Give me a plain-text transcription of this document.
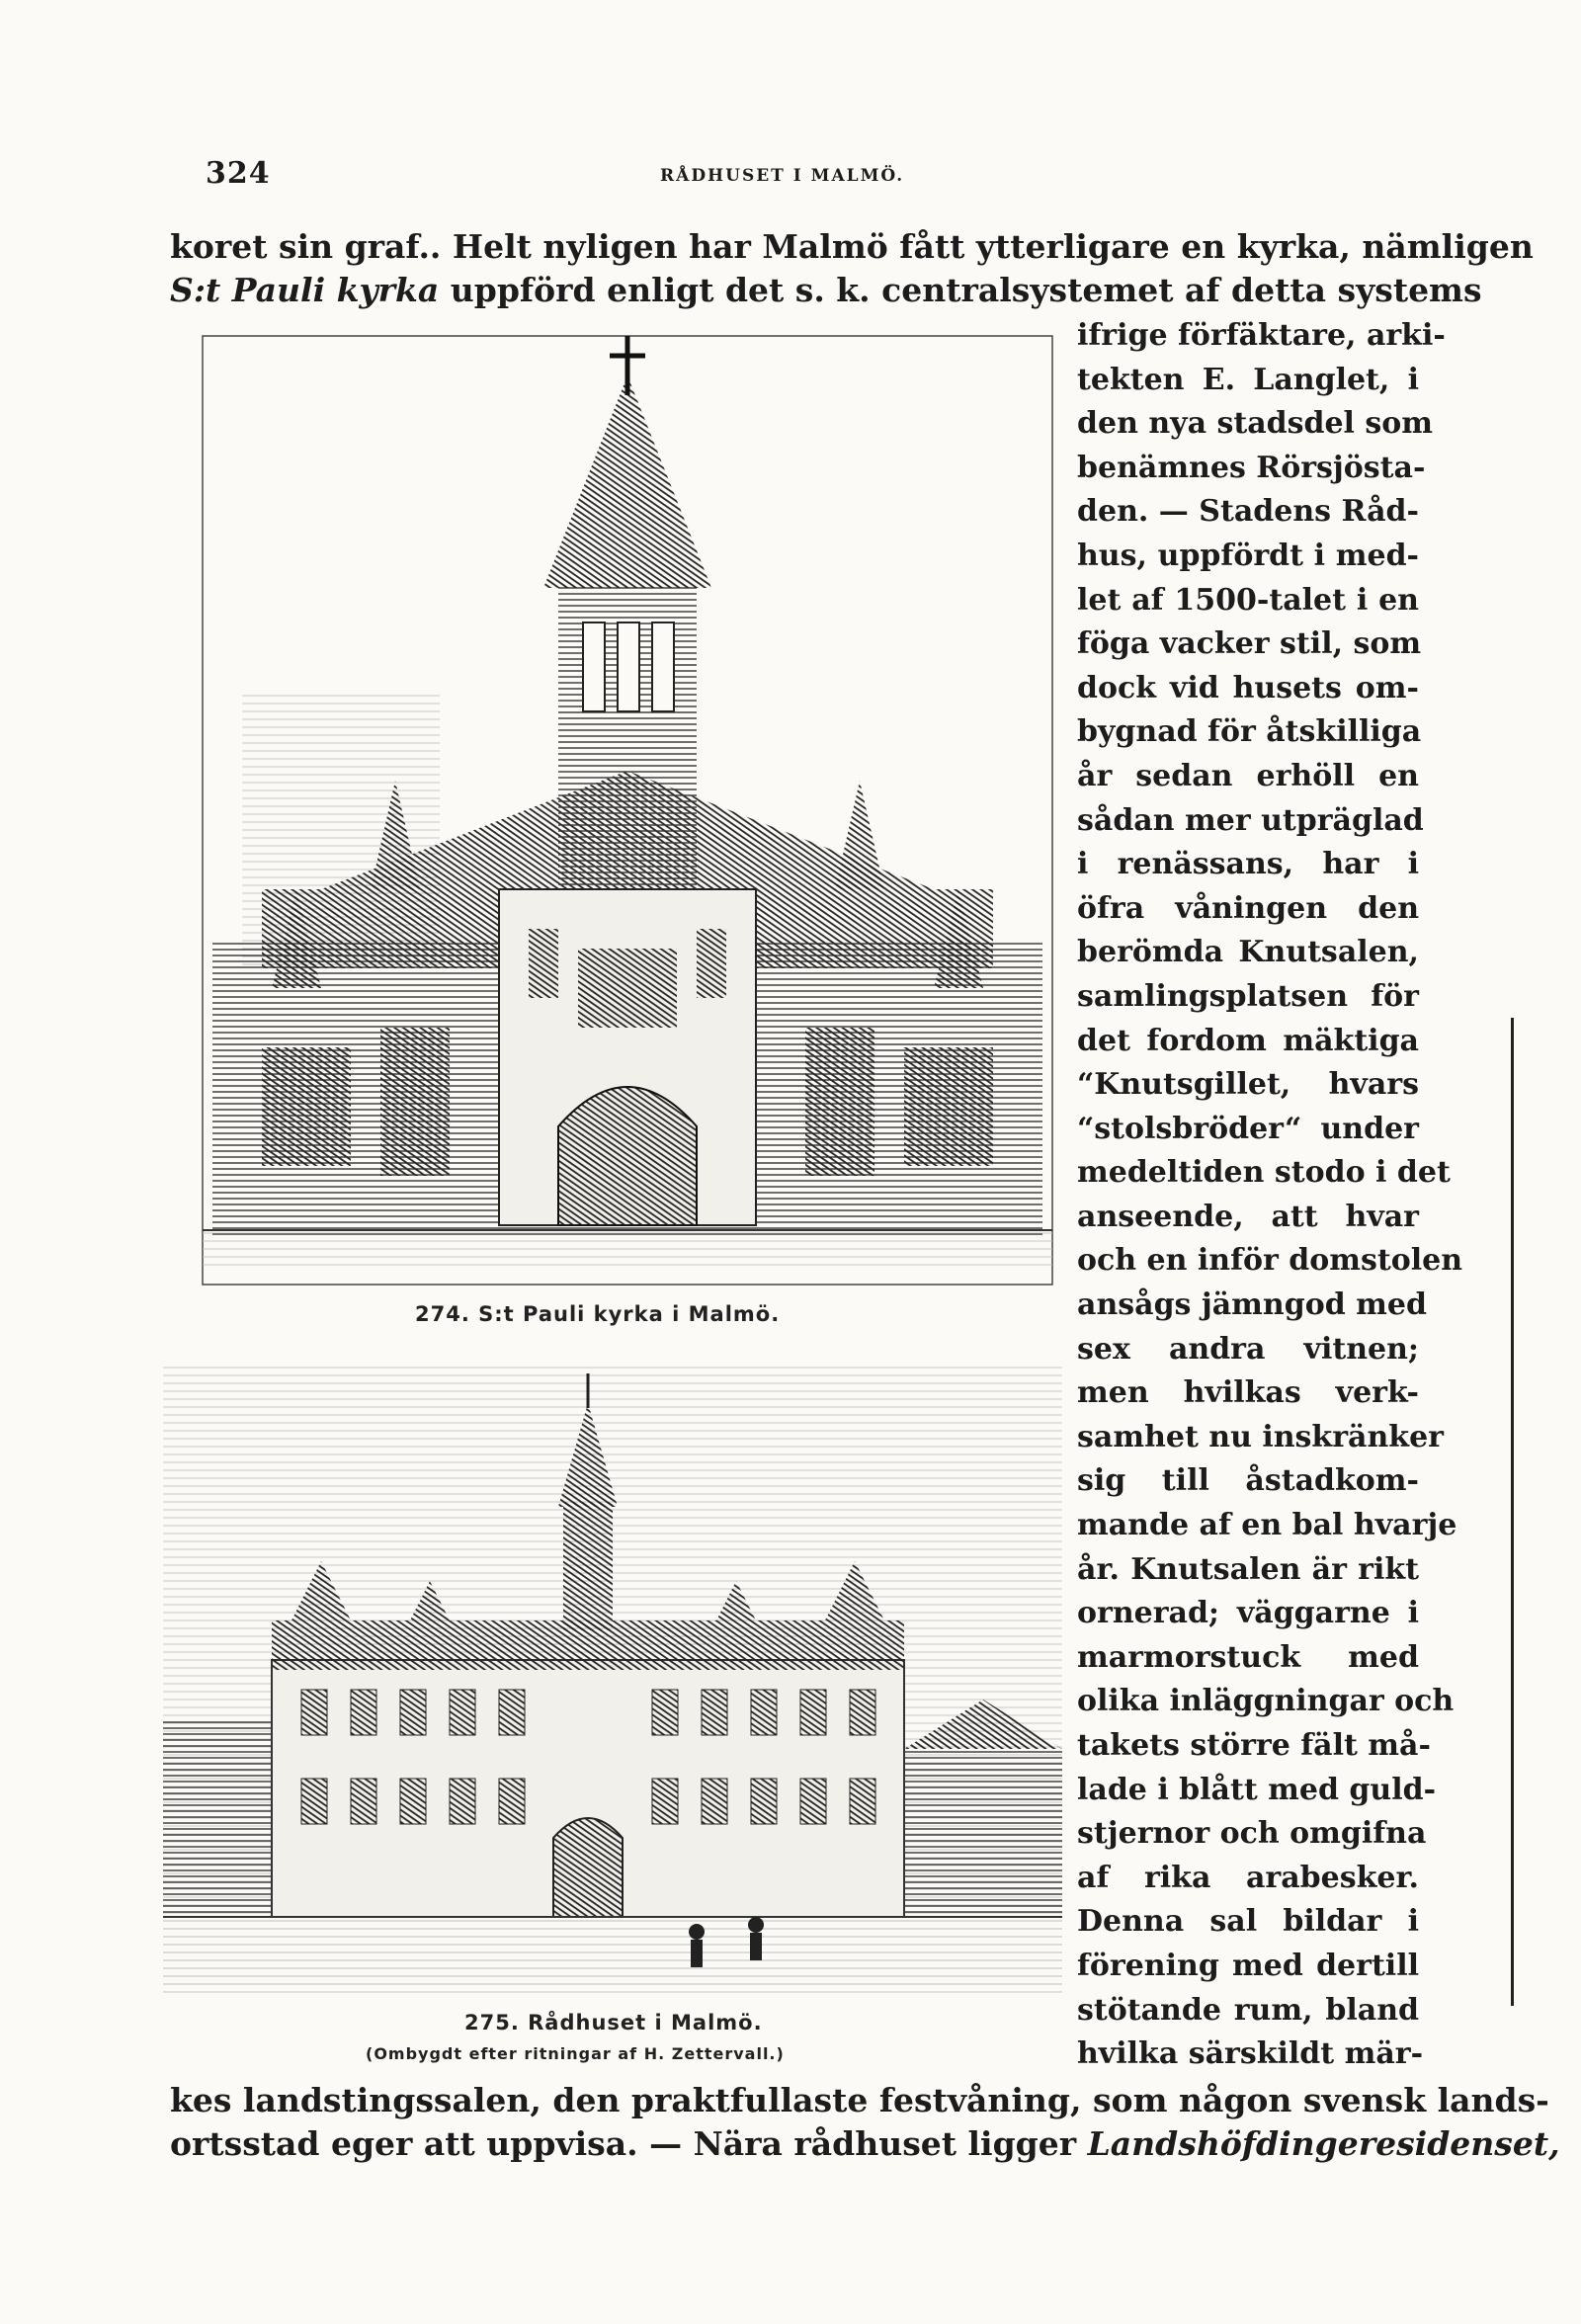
324	RÅDHUSET I MALMÖ.
koret sin graf.. Helt nyligen har Malmö fått ytterligare en kyrka, nämligen
S:t Pauli kyrka uppförd enligt det s. k. centralsystemet af detta systems
274. S:t Pauli kyrka i Malmö.
275. Rådhuset i Malmö.
(Ombygdt efter ritningar af H. Zettervall.)
ifrige förfäktare, arki-
tekten E. Langlet, i
den nya stadsdel som
benämnes Rörsjösta-
den. — Stadens Råd-
hus, uppfördt i med-
let af 1500-talet i en
föga vacker stil, som
dock vid husets om-
bygnad för åtskilliga
år sedan erhöll en
sådan mer utpräglad
i renässans, har i
öfra våningen den
berömda Knutsalen,
samlingsplatsen för
det fordom mäktiga
“Knutsgillet, hvars
“stolsbröder“ under
medeltiden stodo i det
anseende, att hvar
och en inför domstolen
ansågs jämngod med
sex andra vitnen;
men hvilkas verk-
samhet nu inskränker
sig till åstadkom-
mande af en bal hvarje
år. Knutsalen är rikt
ornerad; väggarne i
marmorstuck med
olika inläggningar och
takets större fält må-
lade i blått med guld-
stjernor och omgifna
af rika arabesker.
Denna sal bildar i
förening med dertill
stötande rum, bland
hvilka särskildt mär-
kes landstingssalen, den praktfullaste festvåning, som någon svensk lands-
ortsstad eger att uppvisa. — Nära rådhuset ligger Landshöfdingeresidenset,
